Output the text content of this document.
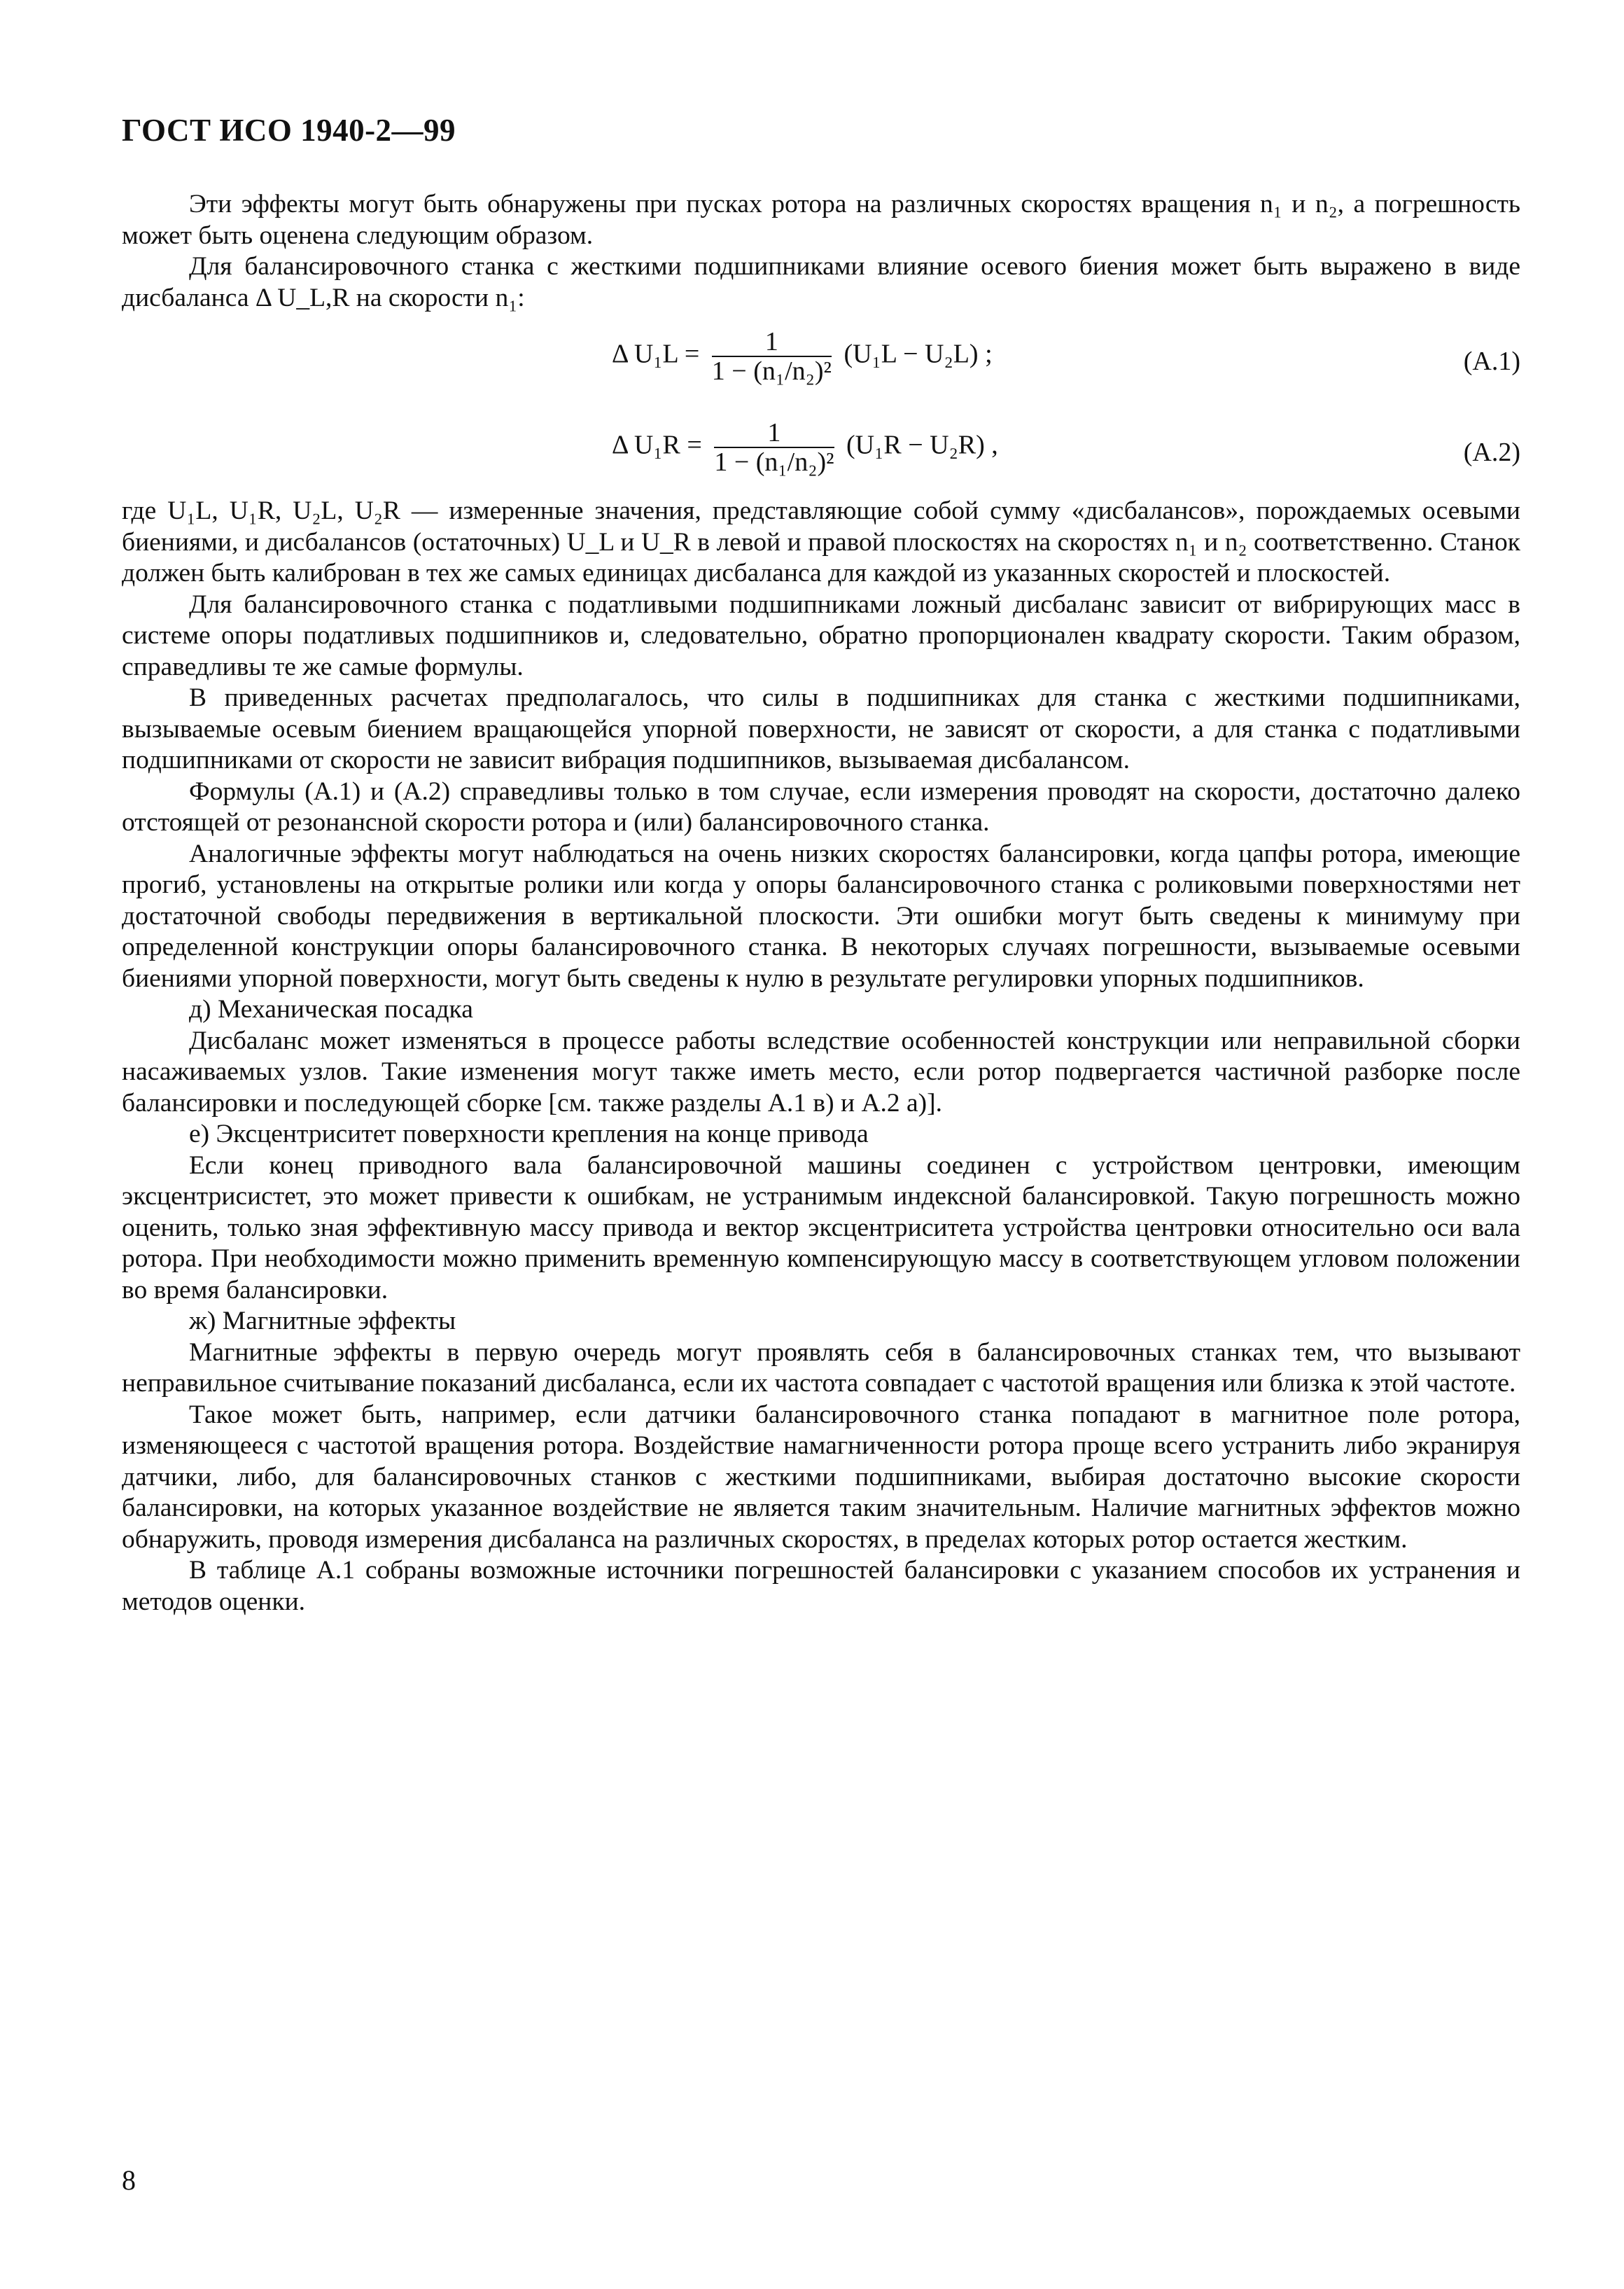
ГОСТ ИСО 1940-2—99

Эти эффекты могут быть обнаружены при пусках ротора на различных скоростях вращения n₁ и n₂, а погрешность может быть оценена следующим образом.

Для балансировочного станка с жесткими подшипниками влияние осевого биения может быть выражено в виде дисбаланса Δ U_L,R на скорости n₁:

Δ $U_1L = \frac{1}{\text{1 − (n₁/n₂)²}} (U_1L - U_2L)$ ;	(A.1)
Δ $U_1R = \frac{1}{\text{1 − (n₁/n₂)²}} (U_1R - U_2R)$ ,	(A.2)

где U₁L, U₁R, U₂L, U₂R — измеренные значения, представляющие собой сумму «дисбалансов», порождаемых осевыми биениями, и дисбалансов (остаточных) U_L и U_R в левой и правой плоскостях на скоростях n₁ и n₂ соответственно. Станок должен быть калиброван в тех же самых единицах дисбаланса для каждой из указанных скоростей и плоскостей.

Для балансировочного станка с податливыми подшипниками ложный дисбаланс зависит от вибрирующих масс в системе опоры податливых подшипников и, следовательно, обратно пропорционален квадрату скорости. Таким образом, справедливы те же самые формулы.

В приведенных расчетах предполагалось, что силы в подшипниках для станка с жесткими подшипниками, вызываемые осевым биением вращающейся упорной поверхности, не зависят от скорости, а для станка с податливыми подшипниками от скорости не зависит вибрация подшипников, вызываемая дисбалансом.

Формулы (А.1) и (А.2) справедливы только в том случае, если измерения проводят на скорости, достаточно далеко отстоящей от резонансной скорости ротора и (или) балансировочного станка.

Аналогичные эффекты могут наблюдаться на очень низких скоростях балансировки, когда цапфы ротора, имеющие прогиб, установлены на открытые ролики или когда у опоры балансировочного станка с роликовыми поверхностями нет достаточной свободы передвижения в вертикальной плоскости. Эти ошибки могут быть сведены к минимуму при определенной конструкции опоры балансировочного станка. В некоторых случаях погрешности, вызываемые осевыми биениями упорной поверхности, могут быть сведены к нулю в результате регулировки упорных подшипников.

д) Механическая посадка

Дисбаланс может изменяться в процессе работы вследствие особенностей конструкции или неправильной сборки насаживаемых узлов. Такие изменения могут также иметь место, если ротор подвергается частичной разборке после балансировки и последующей сборке [см. также разделы А.1 в) и А.2 а)].

е) Эксцентриситет поверхности крепления на конце привода

Если конец приводного вала балансировочной машины соединен с устройством центровки, имеющим эксцентрисистет, это может привести к ошибкам, не устранимым индексной балансировкой. Такую погрешность можно оценить, только зная эффективную массу привода и вектор эксцентриситета устройства центровки относительно оси вала ротора. При необходимости можно применить временную компенсирующую массу в соответствующем угловом положении во время балансировки.

ж) Магнитные эффекты

Магнитные эффекты в первую очередь могут проявлять себя в балансировочных станках тем, что вызывают неправильное считывание показаний дисбаланса, если их частота совпадает с частотой вращения или близка к этой частоте.

Такое может быть, например, если датчики балансировочного станка попадают в магнитное поле ротора, изменяющееся с частотой вращения ротора. Воздействие намагниченности ротора проще всего устранить либо экранируя датчики, либо, для балансировочных станков с жесткими подшипниками, выбирая достаточно высокие скорости балансировки, на которых указанное воздействие не является таким значительным. Наличие магнитных эффектов можно обнаружить, проводя измерения дисбаланса на различных скоростях, в пределах которых ротор остается жестким.

В таблице А.1 собраны возможные источники погрешностей балансировки с указанием способов их устранения и методов оценки.

8
